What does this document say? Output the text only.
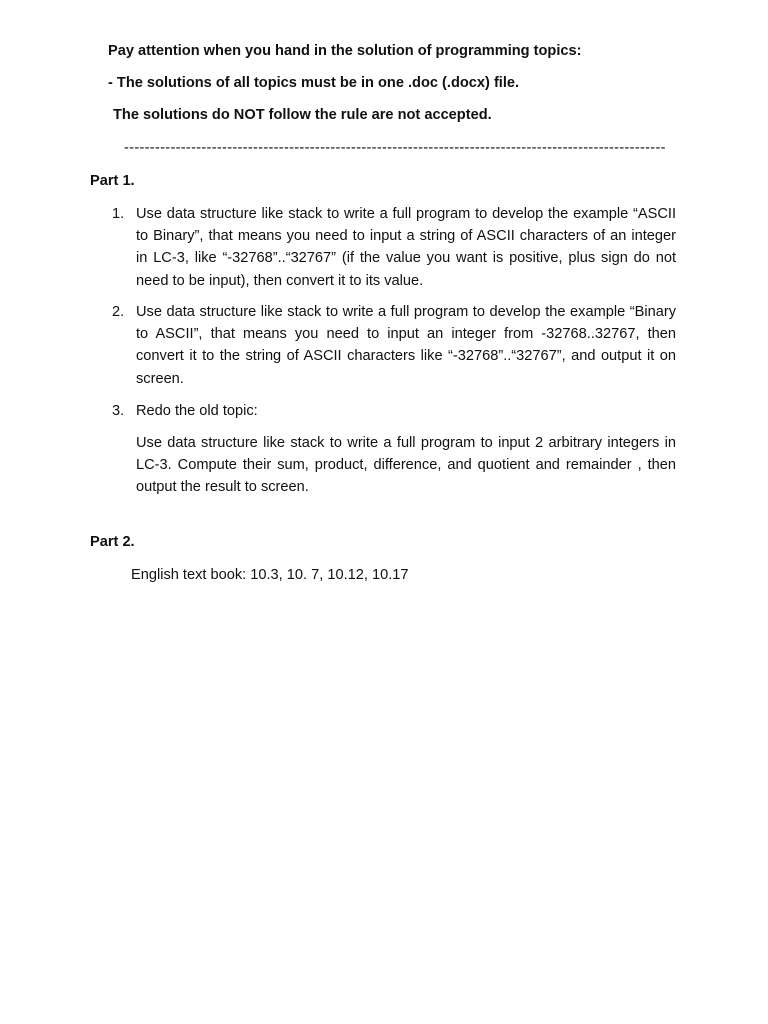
Pay attention when you hand in the solution of programming topics:
- The solutions of all topics must be in one .doc (.docx) file.
The solutions do NOT follow the rule are not accepted.
---------------------------------------------------------------------------------------------------------
Part 1.
1. Use data structure like stack to write a full program to develop the example “ASCII to Binary”, that means you need to input a string of ASCII characters of an integer in LC-3, like “-32768”..“32767” (if the value you want is positive, plus sign do not need to be input), then convert it to its value.
2. Use data structure like stack to write a full program to develop the example “Binary to ASCII”, that means you need to input an integer from -32768..32767, then convert it to the string of ASCII characters like “-32768”..“32767”, and output it on screen.
3. Redo the old topic:
Use data structure like stack to write a full program to input 2 arbitrary integers in LC-3. Compute their sum, product, difference, and quotient and remainder , then output the result to screen.
Part 2.
English text book: 10.3, 10. 7, 10.12, 10.17
